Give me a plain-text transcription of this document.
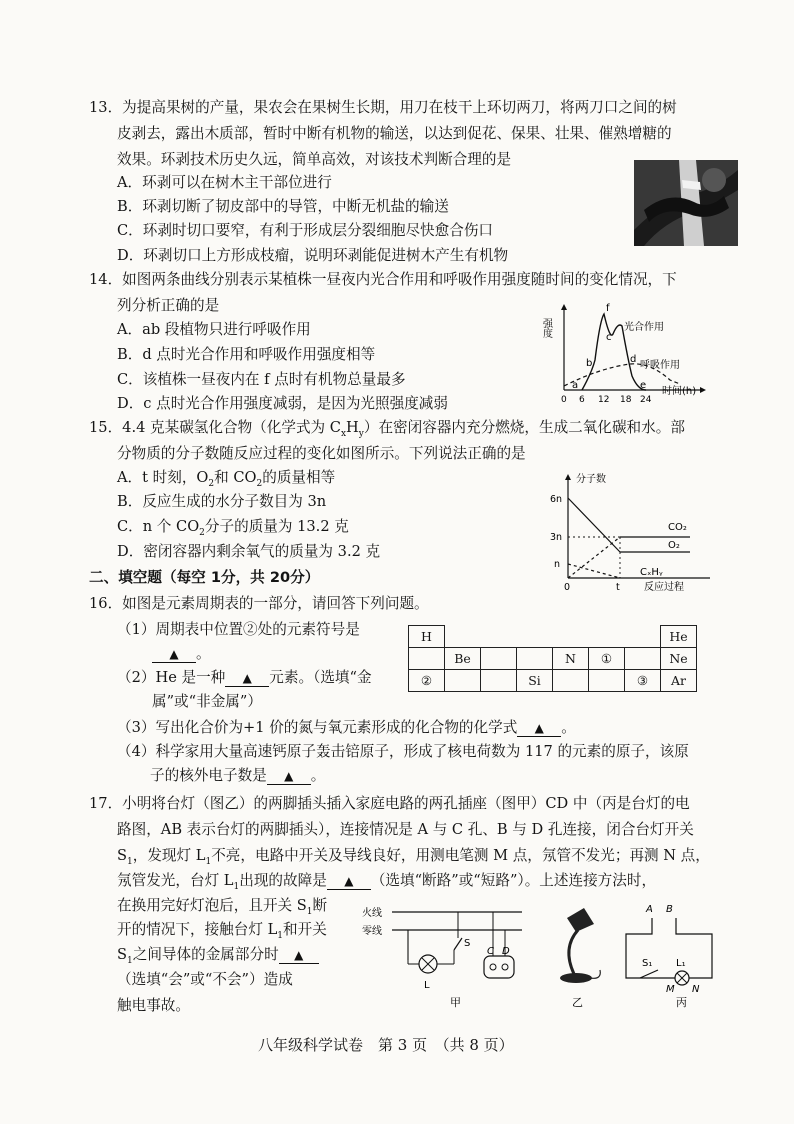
13．为提高果树的产量，果农会在果树生长期，用刀在枝干上环切两刀，将两刀口之间的树
皮剥去，露出木质部，暂时中断有机物的输送，以达到促花、保果、壮果、催熟增糖的
效果。环剥技术历史久远，简单高效，对该技术判断合理的是
A．环剥可以在树木主干部位进行
B．环剥切断了韧皮部中的导管，中断无机盐的输送
C．环剥时切口要窄，有利于形成层分裂细胞尽快愈合伤口
D．环剥切口上方形成枝瘤，说明环剥能促进树木产生有机物
14．如图两条曲线分别表示某植株一昼夜内光合作用和呼吸作用强度随时间的变化情况，下
列分析正确的是
A．ab 段植物只进行呼吸作用
B．d 点时光合作用和呼吸作用强度相等
C．该植株一昼夜内在 f 点时有机物总量最多
D．c 点时光合作用强度减弱，是因为光照强度减弱
强度
f
c
b
a
d
e
光合作用
呼吸作用
0 6 12 18 24
时间(h)
15．4.4 克某碳氢化合物（化学式为 $C_xH_y$）在密闭容器内充分燃烧，生成二氧化碳和水。部
分物质的分子数随反应过程的变化如图所示。下列说法正确的是
A．t 时刻，$O_2$和 $CO_2$的质量相等
B．反应生成的水分子数目为 3n
C．n 个 $CO_2$分子的质量为 13.2 克
D．密闭容器内剩余氧气的质量为 3.2 克
分子数
6n
3n
n
0	t 反应过程
CO₂
O₂
CₓHᵧ
二、填空题（每空 1分，共 20分）
16．如图是元素周期表的一部分，请回答下列问题。
（1）周期表中位置②处的元素符号是
▲ 。
（2）He 是一种 ▲ 元素。（选填“金
属”或“非金属”）
（3）写出化合价为+1 价的氮与氧元素形成的化合物的化学式 ▲ 。
（4）科学家用大量高速钙原子轰击锫原子，形成了核电荷数为 117 的元素的原子，该原
子的核外电子数是 ▲ 。
H							He
	Be			N	①		Ne
②			Si			③	Ar
17．小明将台灯（图乙）的两脚插头插入家庭电路的两孔插座（图甲）CD 中（丙是台灯的电
路图，AB 表示台灯的两脚插头），连接情况是 A 与 C 孔、B 与 D 孔连接，闭合台灯开关
$S_1$，发现灯 $L_1$不亮，电路中开关及导线良好，用测电笔测 M 点，氖管不发光；再测 N 点，
氖管发光，台灯 $L_1$出现的故障是 ▲ （选填“断路”或“短路”）。上述连接方法时，
在换用完好灯泡后，且开关 $S_1$断
开的情况下，接触台灯 $L_1$和开关
$S_1$之间导体的金属部分时 ▲
（选填“会”或“不会”）造成
触电事故。
火线
零线
S
L
C D
甲	乙
A B
S₁ L₁
M N
丙
八年级科学试卷　第 3 页　（共 8 页）
